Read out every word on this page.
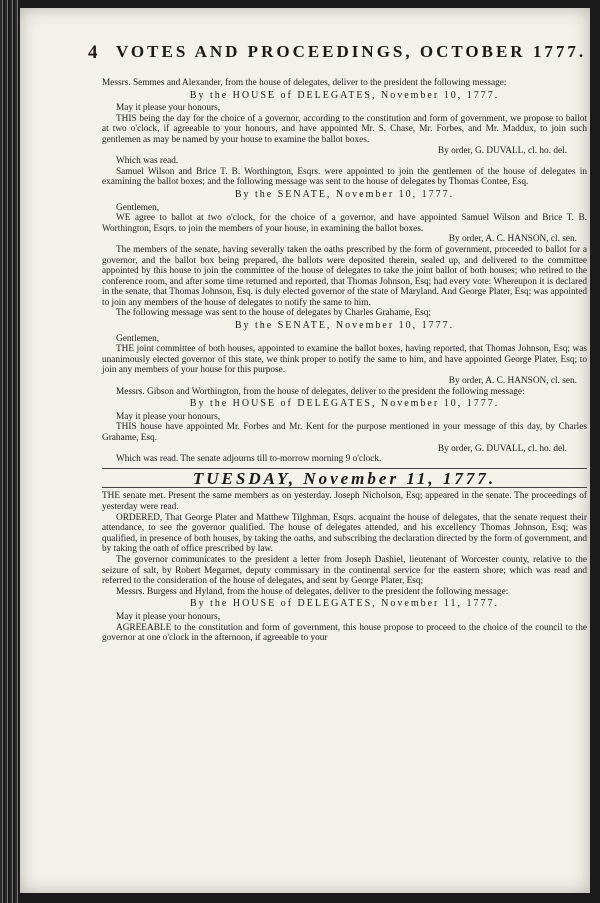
4 VOTES AND PROCEEDINGS, OCTOBER 1777.

Messrs. Semmes and Alexander, from the house of delegates, deliver to the president the following message:

By the HOUSE of DELEGATES, November 10, 1777.

May it please your honours,

THIS being the day for the choice of a governor, according to the constitution and form of government, we propose to ballot at two o'clock, if agreeable to your honours, and have appointed Mr. S. Chase, Mr. Forbes, and Mr. Maddux, to join such gentlemen as may be named by your house to examine the ballot boxes.

By order, G. DUVALL, cl. ho. del.

Which was read.

Samuel Wilson and Brice T. B. Worthington, Esqrs. were appointed to join the gentlemen of the house of delegates in examining the ballot boxes; and the following message was sent to the house of delegates by Thomas Contee, Esq.

By the SENATE, November 10, 1777.

Gentlemen,

WE agree to ballot at two o'clock, for the choice of a governor, and have appointed Samuel Wilson and Brice T. B. Worthington, Esqrs. to join the members of your house, in examining the ballot boxes.

By order, A. C. HANSON, cl. sen.

The members of the senate, having severally taken the oaths prescribed by the form of government, proceeded to ballot for a governor, and the ballot box being prepared, the ballots were deposited therein, sealed up, and delivered to the committee appointed by this house to join the committee of the house of delegates to take the joint ballot of both houses; who retired to the conference room, and after some time returned and reported, that Thomas Johnson, Esq; had every vote: Whereupon it is declared in the senate, that Thomas Johnson, Esq. is duly elected governor of the state of Maryland. And George Plater, Esq; was appointed to join any members of the house of delegates to notify the same to him.

The following message was sent to the house of delegates by Charles Grahame, Esq;

By the SENATE, November 10, 1777.

Gentlemen,

THE joint committee of both houses, appointed to examine the ballot boxes, having reported, that Thomas Johnson, Esq; was unanimously elected governor of this state, we think proper to notify the same to him, and have appointed George Plater, Esq; to join any members of your house for this purpose.

By order, A. C. HANSON, cl. sen.

Messrs. Gibson and Worthington, from the house of delegates, deliver to the president the following message:

By the HOUSE of DELEGATES, November 10, 1777.

May it please your honours,

THIS house have appointed Mr. Forbes and Mr. Kent for the purpose mentioned in your message of this day, by Charles Grahame, Esq.

By order, G. DUVALL, cl. ho. del.

Which was read. The senate adjourns till to-morrow morning 9 o'clock.

TUESDAY, November 11, 1777.

THE senate met. Present the same members as on yesterday. Joseph Nicholson, Esq; appeared in the senate. The proceedings of yesterday were read.

ORDERED, That George Plater and Matthew Tilghman, Esqrs. acquaint the house of delegates, that the senate request their attendance, to see the governor qualified. The house of delegates attended, and his excellency Thomas Johnson, Esq; was qualified, in presence of both houses, by taking the oaths, and subscribing the declaration directed by the form of government, and by taking the oath of office prescribed by law.

The governor communicates to the president a letter from Joseph Dashiel, lieutenant of Worcester county, relative to the seizure of salt, by Robert Megarnet, deputy commissary in the continental service for the eastern shore; which was read and referred to the consideration of the house of delegates, and sent by George Plater, Esq;

Messrs. Burgess and Hyland, from the house of delegates, deliver to the president the following message:

By the HOUSE of DELEGATES, November 11, 1777.

May it please your honours,

AGREEABLE to the constitution and form of government, this house propose to proceed to the choice of the council to the governor at one o'clock in the afternoon, if agreeable to your
